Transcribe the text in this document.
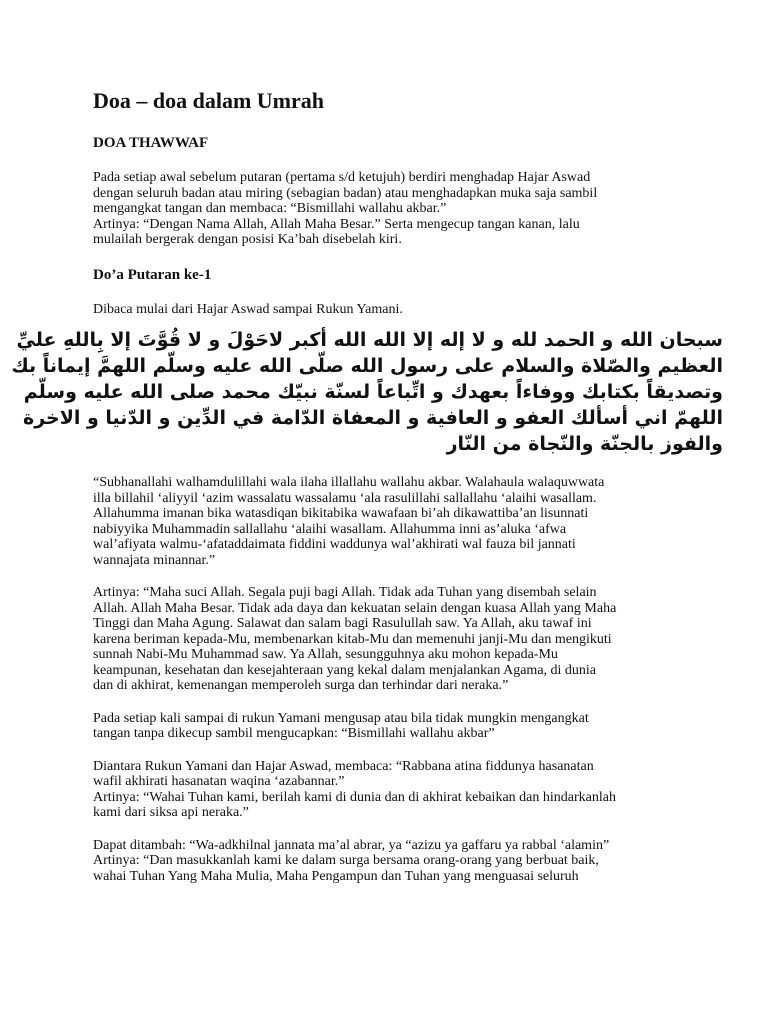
Doa – doa dalam Umrah
DOA THAWWAF
Pada setiap awal sebelum putaran (pertama s/d ketujuh) berdiri menghadap Hajar Aswad
dengan seluruh badan atau miring (sebagian badan) atau menghadapkan muka saja sambil
mengangkat tangan dan membaca: “Bismillahi wallahu akbar.”
Artinya: “Dengan Nama Allah, Allah Maha Besar.” Serta mengecup tangan kanan, lalu
mulailah bergerak dengan posisi Ka’bah disebelah kiri.
Do’a Putaran ke-1
Dibaca mulai dari Hajar Aswad sampai Rukun Yamani.
سبحان الله و الحمد لله و لا إله إلا الله الله أكبر لاحَوْلَ و لا قُوَّتَ إلا بِاللهِ عليِّ
العظيم والصّلاة والسلام على رسول الله صلّى الله عليه وسلّم اللهمَّ إيماناً بك
وتصديقاً بكتابك ووفاءاً بعهدك و اتِّباعاً لسنّة نبيّك محمد صلى الله عليه وسلّم
اللهمّ اني أسألك العفو و العافية و المعفاة الدّامة في الدِّين و الدّنيا و الاخرة
والفوز بالجنّة والنّجاة من النّار
“Subhanallahi walhamdulillahi wala ilaha illallahu wallahu akbar. Walahaula walaquwwata
illa billahil ‘aliyyil ‘azim wassalatu wassalamu ‘ala rasulillahi sallallahu ‘alaihi wasallam.
Allahumma imanan bika watasdiqan bikitabika wawafaan bi’ah dikawattiba’an lisunnati
nabiyyika Muhammadin sallallahu ‘alaihi wasallam. Allahumma inni as’aluka ‘afwa
wal’afiyata walmu-‘afataddaimata fiddini waddunya wal’akhirati wal fauza bil jannati
wannajata minannar.”
Artinya: “Maha suci Allah. Segala puji bagi Allah. Tidak ada Tuhan yang disembah selain
Allah. Allah Maha Besar. Tidak ada daya dan kekuatan selain dengan kuasa Allah yang Maha
Tinggi dan Maha Agung. Salawat dan salam bagi Rasulullah saw. Ya Allah, aku tawaf ini
karena beriman kepada-Mu, membenarkan kitab-Mu dan memenuhi janji-Mu dan mengikuti
sunnah Nabi-Mu Muhammad saw. Ya Allah, sesungguhnya aku mohon kepada-Mu
keampunan, kesehatan dan kesejahteraan yang kekal dalam menjalankan Agama, di dunia
dan di akhirat, kemenangan memperoleh surga dan terhindar dari neraka.”
Pada setiap kali sampai di rukun Yamani mengusap atau bila tidak mungkin mengangkat
tangan tanpa dikecup sambil mengucapkan: “Bismillahi wallahu akbar”
Diantara Rukun Yamani dan Hajar Aswad, membaca: “Rabbana atina fiddunya hasanatan
wafil akhirati hasanatan waqina ‘azabannar.”
Artinya: “Wahai Tuhan kami, berilah kami di dunia dan di akhirat kebaikan dan hindarkanlah
kami dari siksa api neraka.”
Dapat ditambah: “Wa-adkhilnal jannata ma’al abrar, ya “azizu ya gaffaru ya rabbal ‘alamin”
Artinya: “Dan masukkanlah kami ke dalam surga bersama orang-orang yang berbuat baik,
wahai Tuhan Yang Maha Mulia, Maha Pengampun dan Tuhan yang menguasai seluruh
